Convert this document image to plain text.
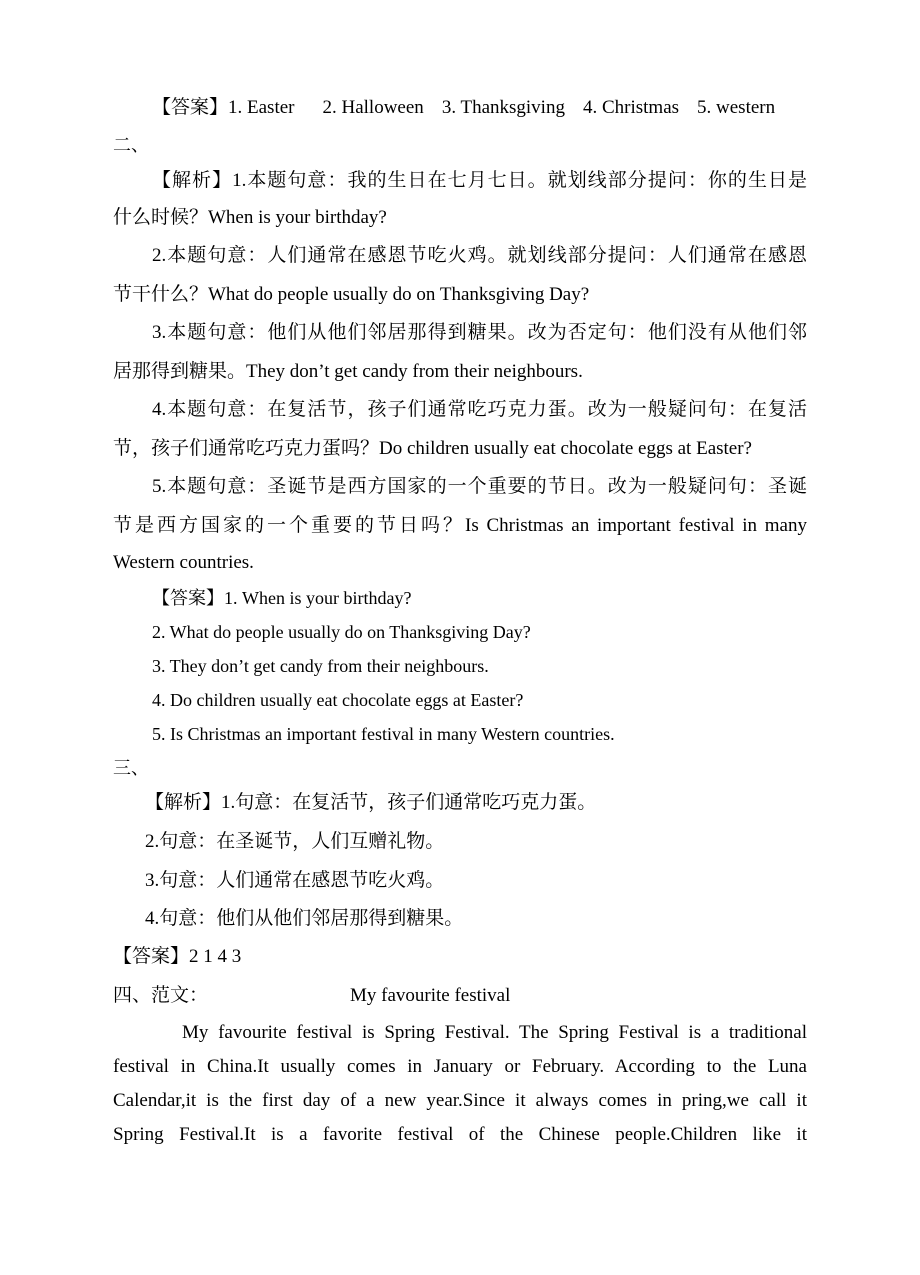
【答案】1. Easter 2. Halloween 3. Thanksgiving 4. Christmas 5. western
二、
【解析】1.本题句意：我的生日在七月七日。就划线部分提问：你的生日是
什么时候？When is your birthday?
2.本题句意：人们通常在感恩节吃火鸡。就划线部分提问：人们通常在感恩
节干什么？What do people usually do on Thanksgiving Day?
3.本题句意：他们从他们邻居那得到糖果。改为否定句：他们没有从他们邻
居那得到糖果。They don’t get candy from their neighbours.
4.本题句意：在复活节，孩子们通常吃巧克力蛋。改为一般疑问句：在复活
节，孩子们通常吃巧克力蛋吗？Do children usually eat chocolate eggs at Easter?
5.本题句意：圣诞节是西方国家的一个重要的节日。改为一般疑问句：圣诞
节是西方国家的一个重要的节日吗？Is Christmas an important festival in many
Western countries.
【答案】1. When is your birthday?
2. What do people usually do on Thanksgiving Day?
3. They don’t get candy from their neighbours.
4. Do children usually eat chocolate eggs at Easter?
5. Is Christmas an important festival in many Western countries.
三、
【解析】1.句意：在复活节，孩子们通常吃巧克力蛋。
2.句意：在圣诞节，人们互赠礼物。
3.句意：人们通常在感恩节吃火鸡。
4.句意：他们从他们邻居那得到糖果。
【答案】2 1 4 3
四、范文：	My favourite festival
My favourite festival is Spring Festival. The Spring Festival is a traditional
festival in China.It usually comes in January or February. According to the Luna
Calendar,it is the first day of a new year.Since it always comes in pring,we call it
Spring Festival.It is a favorite festival of the Chinese people.Children like it
